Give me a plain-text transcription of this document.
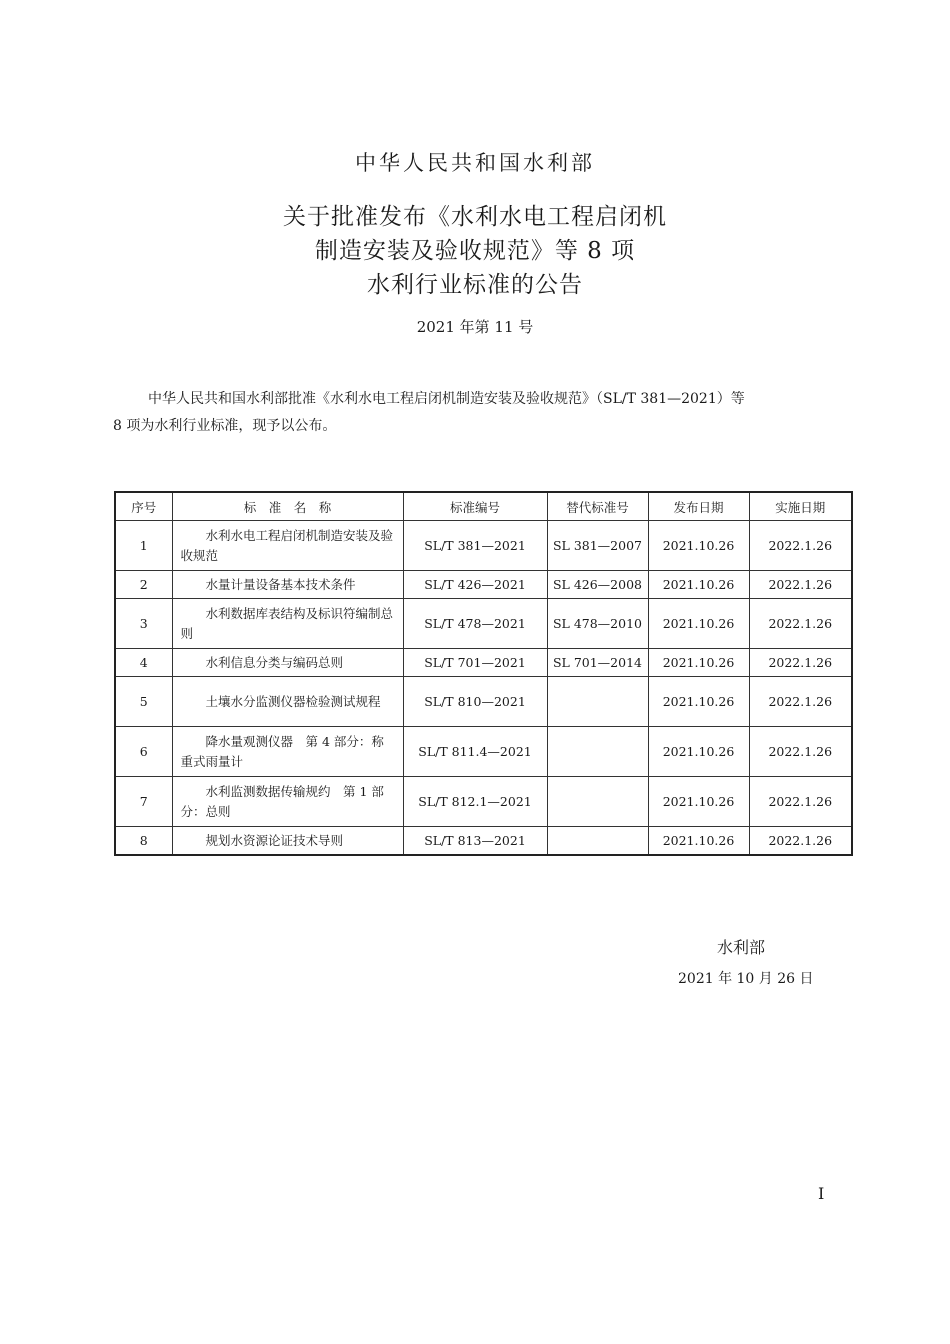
中华人民共和国水利部
关于批准发布《水利水电工程启闭机
制造安装及验收规范》等 8 项
水利行业标准的公告
2021 年第 11 号
中华人民共和国水利部批准《水利水电工程启闭机制造安装及验收规范》（SL/T 381—2021）等
8 项为水利行业标准，现予以公布。
序号	标　准　名　称	标准编号	替代标准号	发布日期	实施日期
1	水利水电工程启闭机制造安装及验收规范	SL/T 381—2021	SL 381—2007	2021.10.26	2022.1.26
2	水量计量设备基本技术条件	SL/T 426—2021	SL 426—2008	2021.10.26	2022.1.26
3	水利数据库表结构及标识符编制总则	SL/T 478—2021	SL 478—2010	2021.10.26	2022.1.26
4	水利信息分类与编码总则	SL/T 701—2021	SL 701—2014	2021.10.26	2022.1.26
5	土壤水分监测仪器检验测试规程	SL/T 810—2021		2021.10.26	2022.1.26
6	降水量观测仪器　第 4 部分：称重式雨量计	SL/T 811.4—2021		2021.10.26	2022.1.26
7	水利监测数据传输规约　第 1 部分：总则	SL/T 812.1—2021		2021.10.26	2022.1.26
8	规划水资源论证技术导则	SL/T 813—2021		2021.10.26	2022.1.26
水利部
2021 年 10 月 26 日
I
